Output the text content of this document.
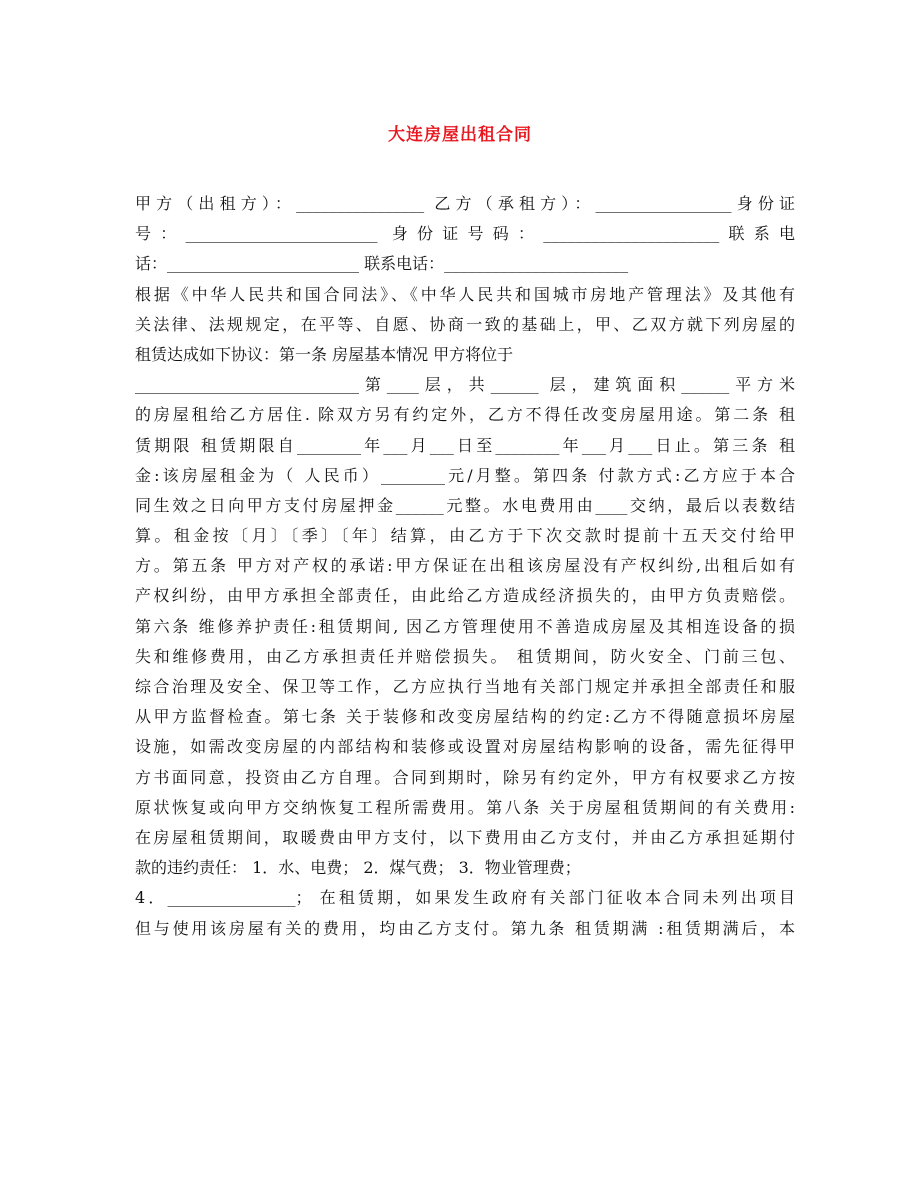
大连房屋出租合同
甲方（出租方）：________________ 乙方（承租方）：_________________身份证
号：________________________ 身份证号码：______________________联系电
话：________________________ 联系电话：_______________________
根据《中华人民共和国合同法》、《中华人民共和国城市房地产管理法》及其他有
关法律、法规规定，在平等、自愿、协商一致的基础上，甲、乙双方就下列房屋的
租赁达成如下协议：第一条 房屋基本情况 甲方将位于
____________________________第____层，共______ 层，建筑面积______平方米
的房屋租给乙方居住. 除双方另有约定外，乙方不得任改变房屋用途。第二条 租
赁期限 租赁期限自________年___月___日至________年___月___日止。第三条 租
金:该房屋租金为（ 人民币）________元/月整。第四条 付款方式:乙方应于本合
同生效之日向甲方支付房屋押金______元整。水电费用由____交纳，最后以表数结
算。租金按〔月〕〔季〕〔年〕结算，由乙方于下次交款时提前十五天交付给甲
方。第五条 甲方对产权的承诺:甲方保证在出租该房屋没有产权纠纷,出租后如有
产权纠纷，由甲方承担全部责任，由此给乙方造成经济损失的，由甲方负责赔偿。
第六条 维修养护责任:租赁期间, 因乙方管理使用不善造成房屋及其相连设备的损
失和维修费用，由乙方承担责任并赔偿损失。 租赁期间，防火安全、门前三包、
综合治理及安全、保卫等工作，乙方应执行当地有关部门规定并承担全部责任和服
从甲方监督检查。第七条 关于装修和改变房屋结构的约定:乙方不得随意损坏房屋
设施，如需改变房屋的内部结构和装修或设置对房屋结构影响的设备，需先征得甲
方书面同意，投资由乙方自理。合同到期时，除另有约定外，甲方有权要求乙方按
原状恢复或向甲方交纳恢复工程所需费用。第八条 关于房屋租赁期间的有关费用:
在房屋租赁期间，取暖费由甲方支付，以下费用由乙方支付，并由乙方承担延期付
款的违约责任： 1．水、电费； 2．煤气费； 3．物业管理费；
4．________________； 在租赁期，如果发生政府有关部门征收本合同未列出项目
但与使用该房屋有关的费用，均由乙方支付。第九条 租赁期满 :租赁期满后，本
